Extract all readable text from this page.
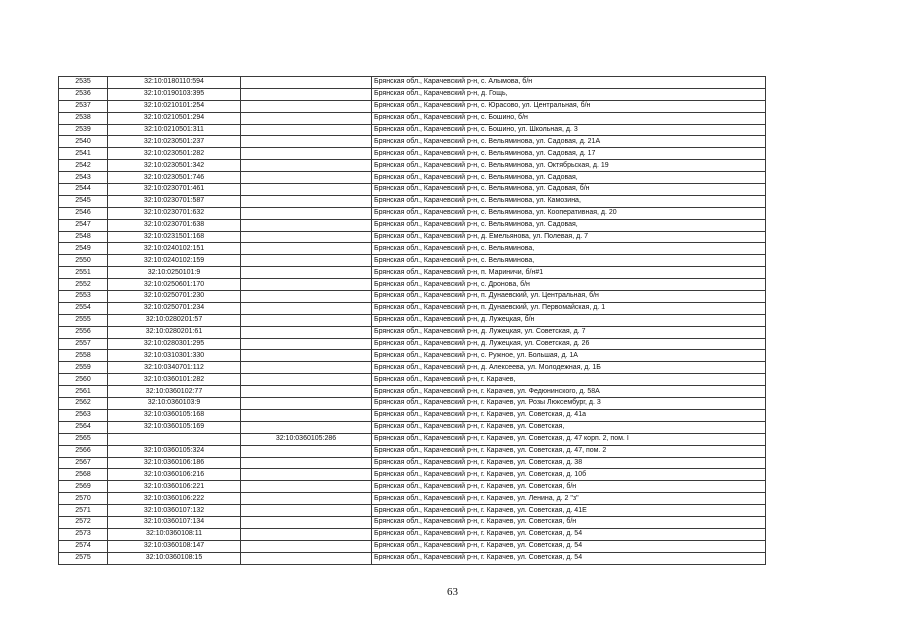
2535	32:10:0180110:594		Брянская обл., Карачевский р-н, с. Алымова, б/н
2536	32:10:0190103:395		Брянская обл., Карачевский р-н, д. Гощь,
2537	32:10:0210101:254		Брянская обл., Карачевский р-н, с. Юрасово, ул. Центральная, б/н
2538	32:10:0210501:294		Брянская обл., Карачевский р-н, с. Бошино, б/н
2539	32:10:0210501:311		Брянская обл., Карачевский р-н, с. Бошино, ул. Школьная, д. 3
2540	32:10:0230501:237		Брянская обл., Карачевский р-н, с. Вельяминова, ул. Садовая, д. 21А
2541	32:10:0230501:282		Брянская обл., Карачевский р-н, с. Вельяминова, ул. Садовая, д. 17
2542	32:10:0230501:342		Брянская обл., Карачевский р-н, с. Вельяминова, ул. Октябрьская, д. 19
2543	32:10:0230501:746		Брянская обл., Карачевский р-н, с. Вельяминова, ул. Садовая,
2544	32:10:0230701:461		Брянская обл., Карачевский р-н, с. Вельяминова, ул. Садовая, б/н
2545	32:10:0230701:587		Брянская обл., Карачевский р-н, с. Вельяминова, ул. Камозина,
2546	32:10:0230701:632		Брянская обл., Карачевский р-н, с. Вельяминова, ул. Кооперативная, д. 20
2547	32:10:0230701:638		Брянская обл., Карачевский р-н, с. Вельяминова, ул. Садовая,
2548	32:10:0231501:168		Брянская обл., Карачевский р-н, д. Емельянова, ул. Полевая, д. 7
2549	32:10:0240102:151		Брянская обл., Карачевский р-н, с. Вельяминова,
2550	32:10:0240102:159		Брянская обл., Карачевский р-н, с. Вельяминова,
2551	32:10:0250101:9		Брянская обл., Карачевский р-н, п. Мариничи, б/н#1
2552	32:10:0250601:170		Брянская обл., Карачевский р-н, с. Дронова, б/н
2553	32:10:0250701:230		Брянская обл., Карачевский р-н, п. Дунаевский, ул. Центральная, б/н
2554	32:10:0250701:234		Брянская обл., Карачевский р-н, п. Дунаевский, ул. Первомайская, д. 1
2555	32:10:0280201:57		Брянская обл., Карачевский р-н, д. Лужецкая, б/н
2556	32:10:0280201:61		Брянская обл., Карачевский р-н, д. Лужецкая, ул. Советская, д. 7
2557	32:10:0280301:295		Брянская обл., Карачевский р-н, д. Лужецкая, ул. Советская, д. 26
2558	32:10:0310301:330		Брянская обл., Карачевский р-н, с. Ружное, ул. Большая, д. 1А
2559	32:10:0340701:112		Брянская обл., Карачевский р-н, д. Алексеева, ул. Молодежная, д. 1Б
2560	32:10:0360101:282		Брянская обл., Карачевский р-н, г. Карачев,
2561	32:10:0360102:77		Брянская обл., Карачевский р-н, г. Карачев, ул. Федюнинского, д. 58А
2562	32:10:0360103:9		Брянская обл., Карачевский р-н, г. Карачев, ул. Розы Люксембург, д. 3
2563	32:10:0360105:168		Брянская обл., Карачевский р-н, г. Карачев, ул. Советская, д. 41а
2564	32:10:0360105:169		Брянская обл., Карачевский р-н, г. Карачев, ул. Советская,
2565		32:10:0360105:286	Брянская обл., Карачевский р-н, г. Карачев, ул. Советская, д. 47 корп. 2, пом. I
2566	32:10:0360105:324		Брянская обл., Карачевский р-н, г. Карачев, ул. Советская, д. 47, пом. 2
2567	32:10:0360106:186		Брянская обл., Карачевский р-н, г. Карачев, ул. Советская, д. 38
2568	32:10:0360106:216		Брянская обл., Карачевский р-н, г. Карачев, ул. Советская, д. 10б
2569	32:10:0360106:221		Брянская обл., Карачевский р-н, г. Карачев, ул. Советская, б/н
2570	32:10:0360106:222		Брянская обл., Карачевский р-н, г. Карачев, ул. Ленина, д. 2 "з"
2571	32:10:0360107:132		Брянская обл., Карачевский р-н, г. Карачев, ул. Советская, д. 41Е
2572	32:10:0360107:134		Брянская обл., Карачевский р-н, г. Карачев, ул. Советская, б/н
2573	32:10:0360108:11		Брянская обл., Карачевский р-н, г. Карачев, ул. Советская, д. 54
2574	32:10:0360108:147		Брянская обл., Карачевский р-н, г. Карачев, ул. Советская, д. 54
2575	32:10:0360108:15		Брянская обл., Карачевский р-н, г. Карачев, ул. Советская, д. 54
63
